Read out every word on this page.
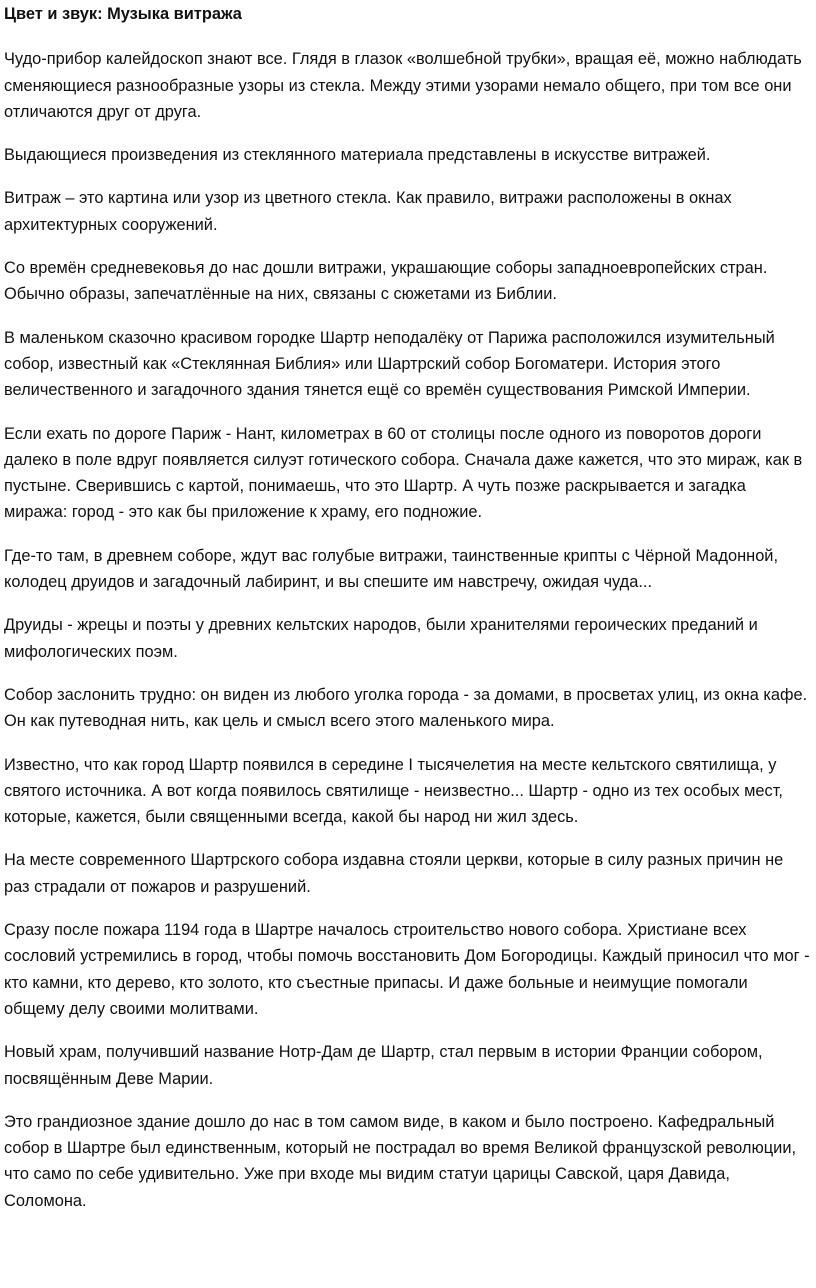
Цвет и звук: Музыка витража

Чудо-прибор калейдоскоп знают все. Глядя в глазок «волшебной трубки», вращая её, можно наблюдать сменяющиеся разнообразные узоры из стекла. Между этими узорами немало общего, при том все они отличаются друг от друга.

Выдающиеся произведения из стеклянного материала представлены в искусстве витражей.

Витраж – это картина или узор из цветного стекла. Как правило, витражи расположены в окнах архитектурных сооружений.

Со времён средневековья до нас дошли витражи, украшающие соборы западноевропейских стран. Обычно образы, запечатлённые на них, связаны с сюжетами из Библии.

В маленьком сказочно красивом городке Шартр неподалёку от Парижа расположился изумительный собор, известный как «Стеклянная Библия» или Шартрский собор Богоматери. История этого величественного и загадочного здания тянется ещё со времён существования Римской Империи.

Если ехать по дороге Париж - Нант, километрах в 60 от столицы после одного из поворотов дороги далеко в поле вдруг появляется силуэт готического собора. Сначала даже кажется, что это мираж, как в пустыне. Сверившись с картой, понимаешь, что это Шартр. А чуть позже раскрывается и загадка миража: город - это как бы приложение к храму, его подножие.

Где-то там, в древнем соборе, ждут вас голубые витражи, таинственные крипты с Чёрной Мадонной, колодец друидов и загадочный лабиринт, и вы спешите им навстречу, ожидая чуда...

Друиды - жрецы и поэты у древних кельтских народов, были хранителями героических преданий и мифологических поэм.

Собор заслонить трудно: он виден из любого уголка города - за домами, в просветах улиц, из окна кафе. Он как путеводная нить, как цель и смысл всего этого маленького мира.

Известно, что как город Шартр появился в середине I тысячелетия на месте кельтского святилища, у святого источника. А вот когда появилось святилище - неизвестно... Шартр - одно из тех особых мест, которые, кажется, были священными всегда, какой бы народ ни жил здесь.

На месте современного Шартрского собора издавна стояли церкви, которые в силу разных причин не раз страдали от пожаров и разрушений.

Сразу после пожара 1194 года в Шартре началось строительство нового собора. Христиане всех сословий устремились в город, чтобы помочь восстановить Дом Богородицы. Каждый приносил что мог - кто камни, кто дерево, кто золото, кто съестные припасы. И даже больные и неимущие помогали общему делу своими молитвами.

Новый храм, получивший название Нотр-Дам де Шартр, стал первым в истории Франции собором, посвящённым Деве Марии.

Это грандиозное здание дошло до нас в том самом виде, в каком и было построено. Кафедральный собор в Шартре был единственным, который не пострадал во время Великой французской революции, что само по себе удивительно. Уже при входе мы видим статуи царицы Савской, царя Давида, Соломона.
